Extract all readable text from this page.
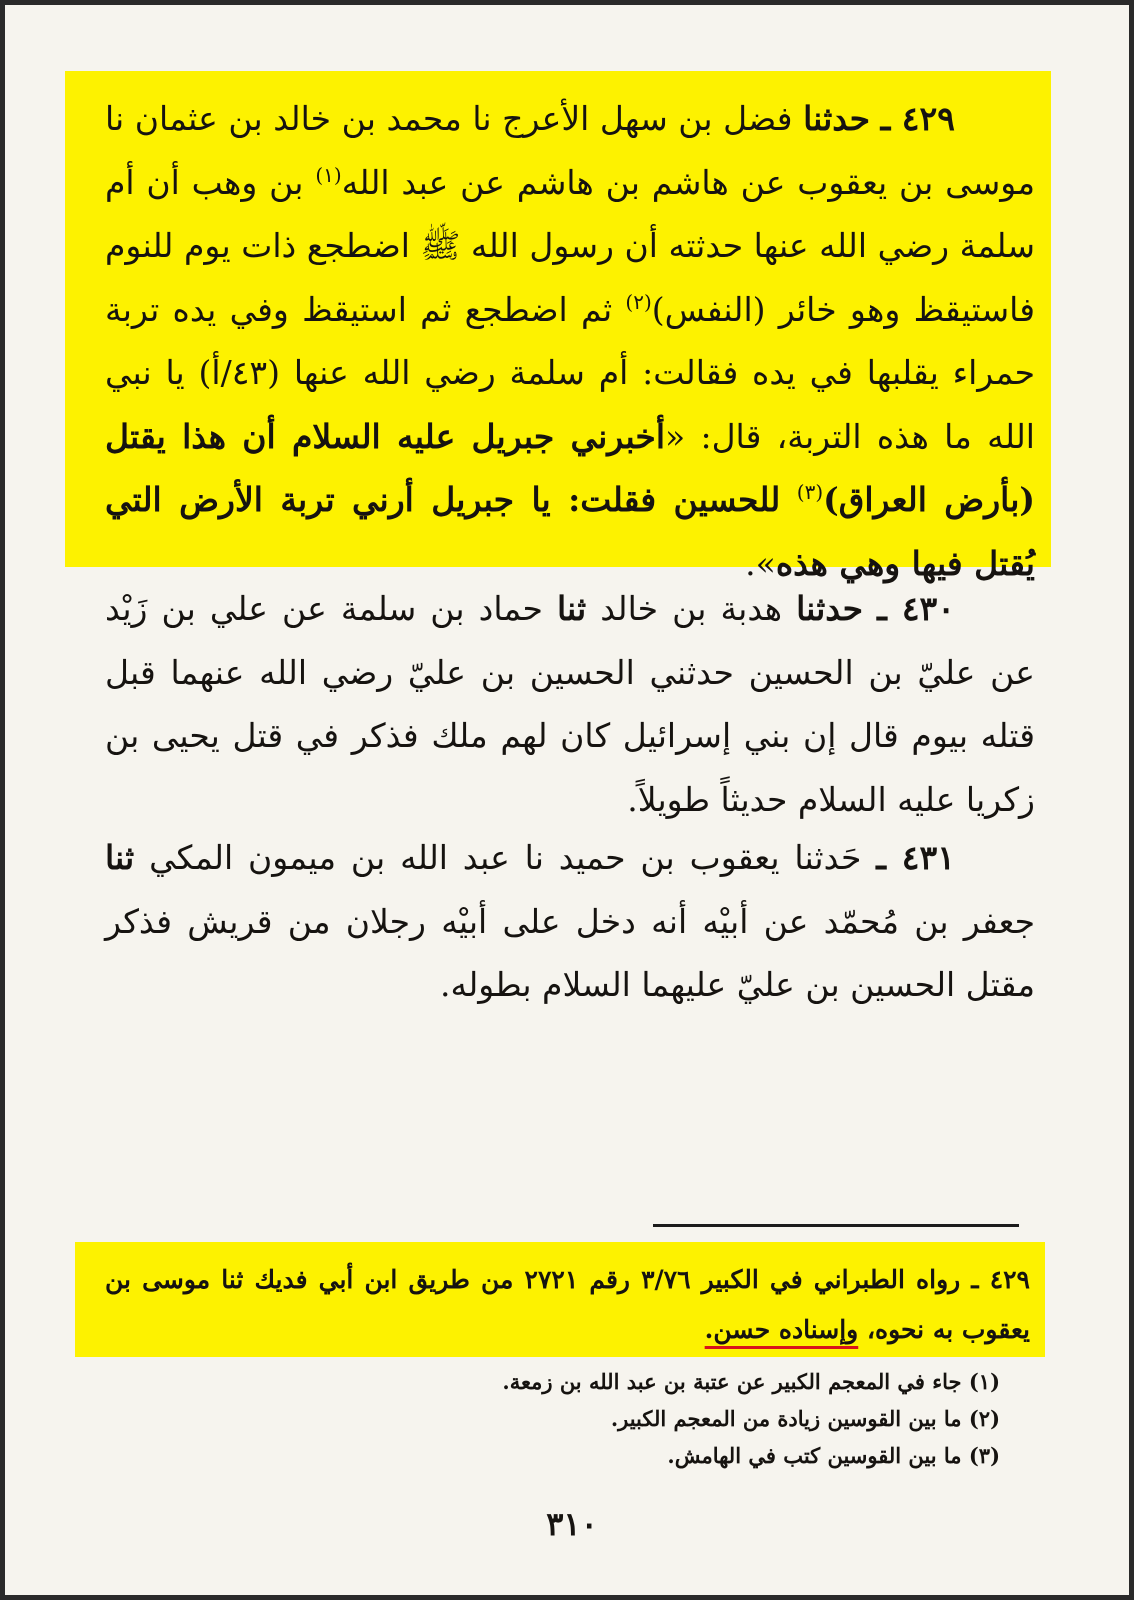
٤٢٩ ـ حدثنا فضل بن سهل الأعرج نا محمد بن خالد بن عثمان نا موسى بن يعقوب عن هاشم بن هاشم عن عبد الله$^{(١)}$ بن وهب أن أم سلمة رضي الله عنها حدثته أن رسول الله ﷺ اضطجع ذات يوم للنوم فاستيقظ وهو خائر (النفس)$^{(٢)}$ ثم اضطجع ثم استيقظ وفي يده تربة حمراء يقلبها في يده فقالت: أم سلمة رضي الله عنها (٤٣/أ) يا نبي الله ما هذه التربة، قال: «أخبرني جبريل عليه السلام أن هذا يقتل (بأرض العراق)$^{(٣)}$ للحسين فقلت: يا جبريل أرني تربة الأرض التي يُقتل فيها وهي هذه».
٤٣٠ ـ حدثنا هدبة بن خالد ثنا حماد بن سلمة عن علي بن زَيْد عن عليّ بن الحسين حدثني الحسين بن عليّ رضي الله عنهما قبل قتله بيوم قال إن بني إسرائيل كان لهم ملك فذكر في قتل يحيى بن زكريا عليه السلام حديثاً طويلاً.
٤٣١ ـ حَدثنا يعقوب بن حميد نا عبد الله بن ميمون المكي ثنا جعفر بن مُحمّد عن أبيْه أنه دخل على أبيْه رجلان من قريش فذكر مقتل الحسين بن عليّ عليهما السلام بطوله.
٤٢٩ ـ رواه الطبراني في الكبير ٣/٧٦ رقم ٢٧٢١ من طريق ابن أبي فديك ثنا موسى بن يعقوب به نحوه، وإسناده حسن.
(١) جاء في المعجم الكبير عن عتبة بن عبد الله بن زمعة.
(٢) ما بين القوسين زيادة من المعجم الكبير.
(٣) ما بين القوسين كتب في الهامش.
٣١٠
